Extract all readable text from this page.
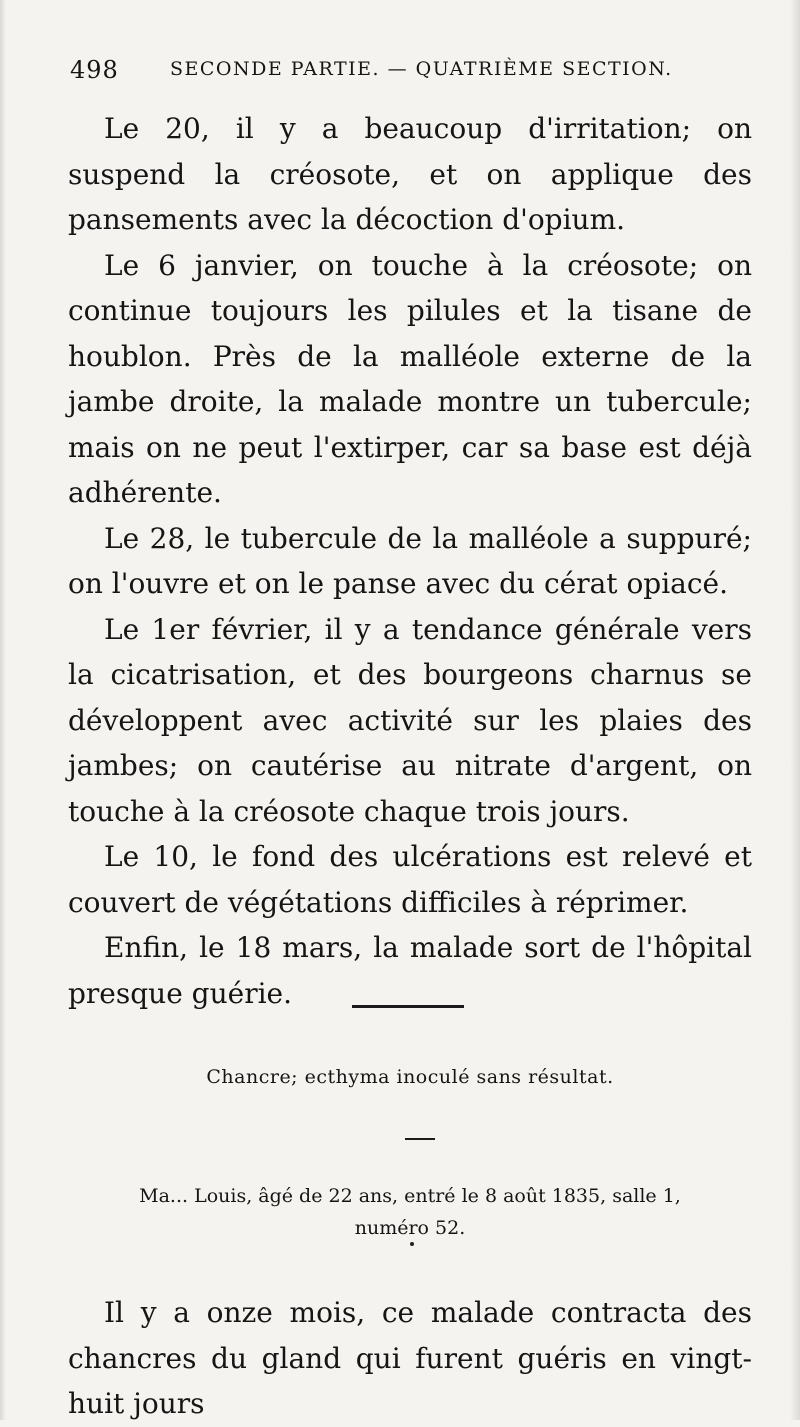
498	SECONDE PARTIE. — QUATRIÈME SECTION.

Le 20, il y a beaucoup d'irritation; on suspend la créosote, et on applique des pansements avec la décoction d'opium.

Le 6 janvier, on touche à la créosote; on continue toujours les pilules et la tisane de houblon. Près de la malléole externe de la jambe droite, la malade montre un tubercule; mais on ne peut l'extirper, car sa base est déjà adhérente.

Le 28, le tubercule de la malléole a suppuré; on l'ouvre et on le panse avec du cérat opiacé.

Le 1er février, il y a tendance générale vers la cicatrisation, et des bourgeons charnus se développent avec activité sur les plaies des jambes; on cautérise au nitrate d'argent, on touche à la créosote chaque trois jours.

Le 10, le fond des ulcérations est relevé et couvert de végétations difficiles à réprimer.

Enfin, le 18 mars, la malade sort de l'hôpital presque guérie.

Chancre; ecthyma inoculé sans résultat.
Ma... Louis, âgé de 22 ans, entré le 8 août 1835, salle 1,
numéro 52.

Il y a onze mois, ce malade contracta des chancres du gland qui furent guéris en vingt-huit jours
